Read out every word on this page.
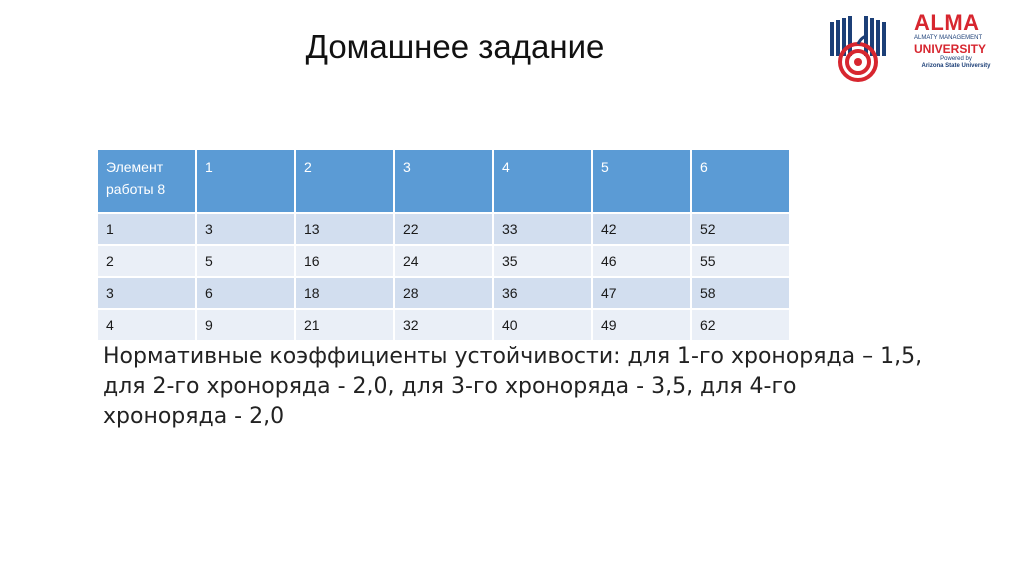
Домашнее задание
ALMA
ALMATY MANAGEMENT
UNIVERSITY
Powered by
Arizona State University
Элемент работы 8	1	2	3	4	5	6
1	3	13	22	33	42	52
2	5	16	24	35	46	55
3	6	18	28	36	47	58
4	9	21	32	40	49	62
Нормативные коэффициенты устойчивости: для 1-го хроноряда – 1,5, для 2-го хроноряда - 2,0, для 3-го хроноряда - 3,5, для 4-го хроноряда - 2,0
